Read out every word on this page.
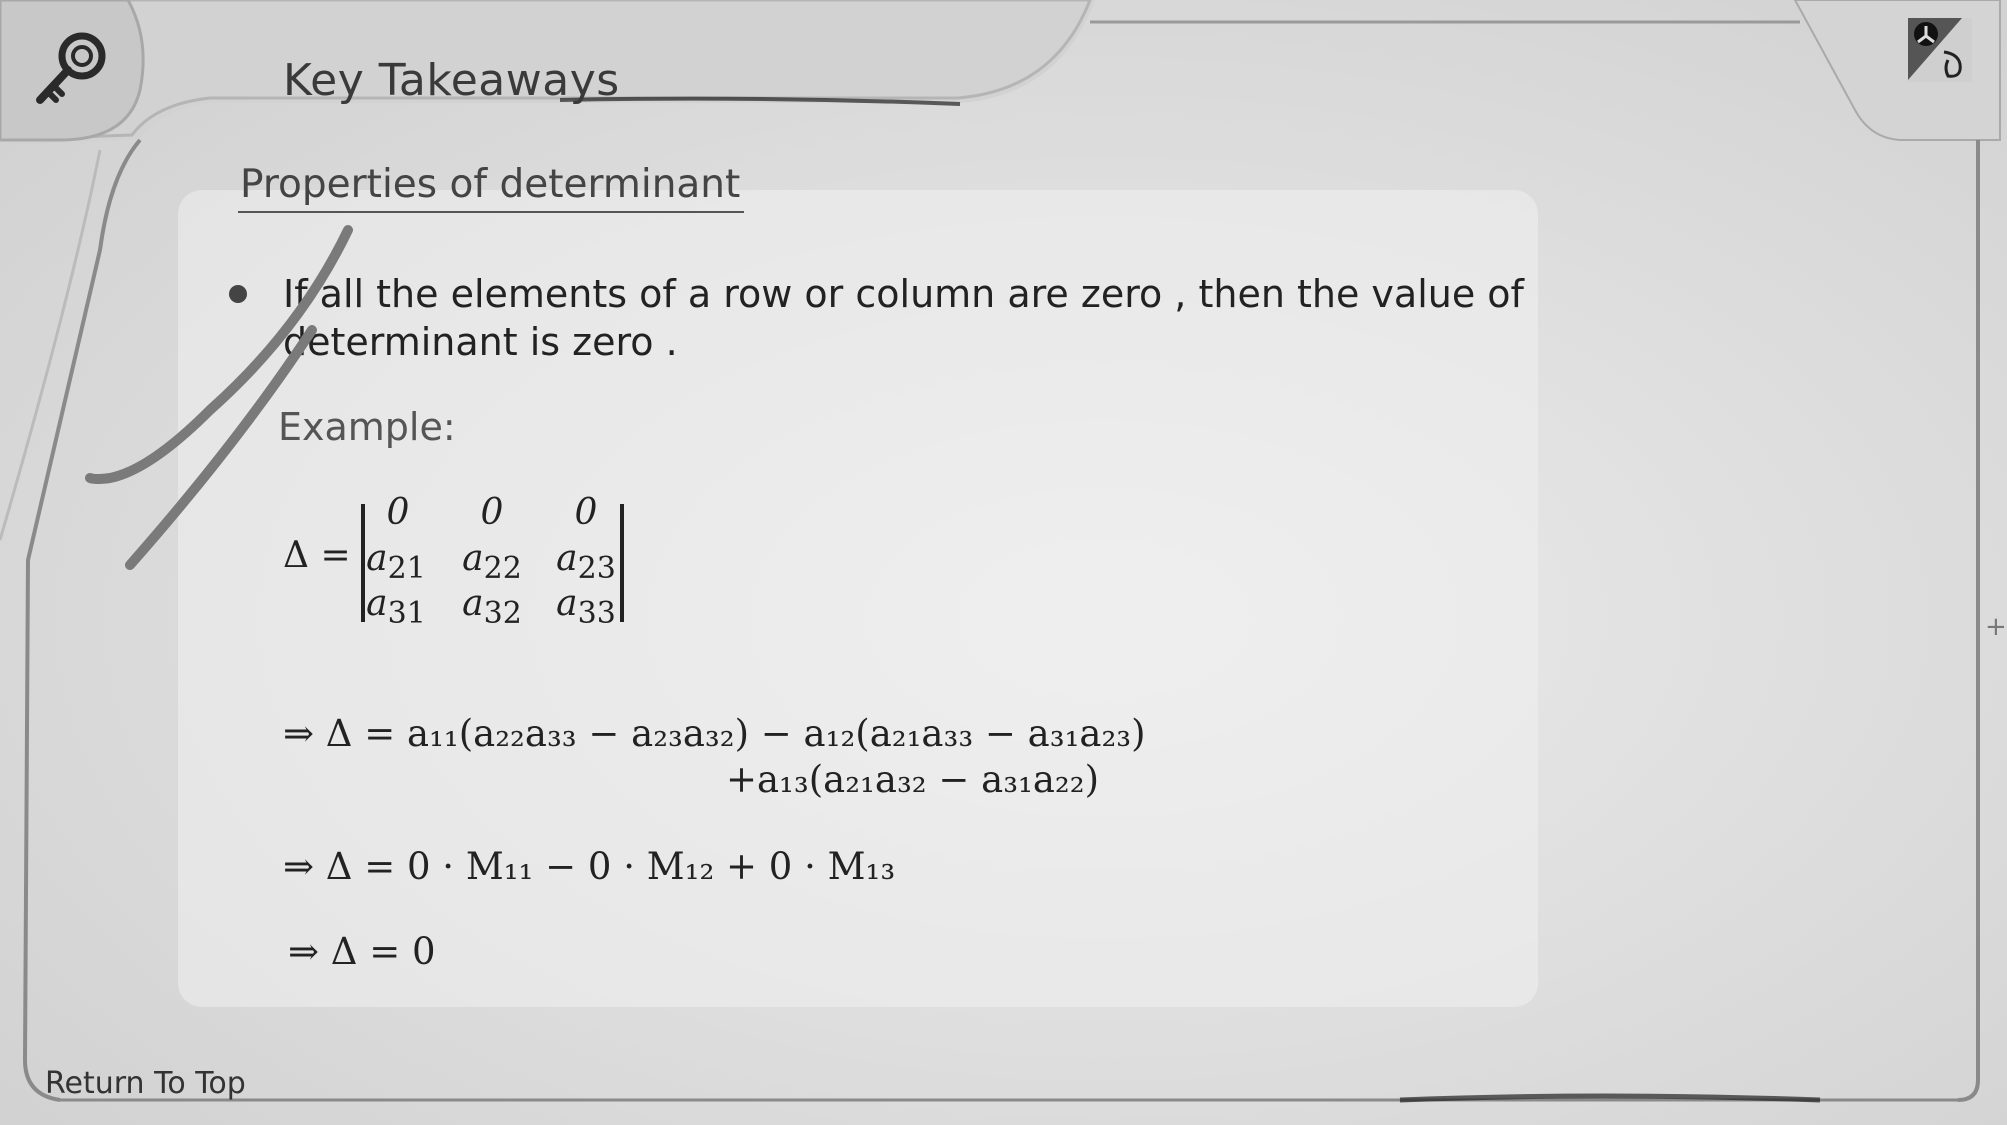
Key Takeaways
Properties of determinant
If all the elements of a row or column are zero , then the value of determinant is zero .
Example:
Δ =
0	0	0
$a_{21}$ $a_{22}$ $a_{23}$
$a_{31}$ $a_{32}$ $a_{33}$
⇒ Δ = a₁₁(a₂₂a₃₃ − a₂₃a₃₂) − a₁₂(a₂₁a₃₃ − a₃₁a₂₃)
+a₁₃(a₂₁a₃₂ − a₃₁a₂₂)
⇒ Δ = 0 · M₁₁ − 0 · M₁₂ + 0 · M₁₃
⇒ Δ = 0
+
Return To Top
